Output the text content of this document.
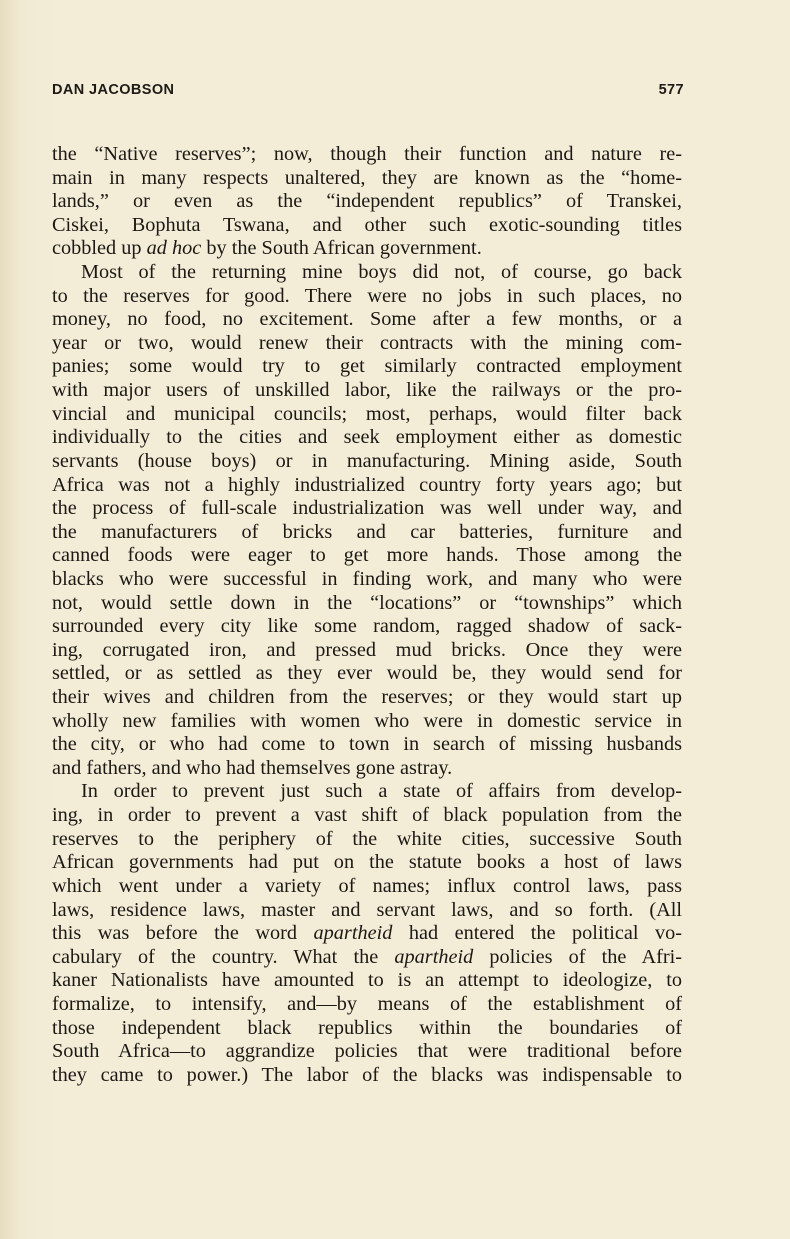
DAN JACOBSON	577
the “Native reserves”; now, though their function and nature re-
main in many respects unaltered, they are known as the “home-
lands,” or even as the “independent republics” of Transkei,
Ciskei, Bophuta Tswana, and other such exotic-sounding titles
cobbled up ad hoc by the South African government.
Most of the returning mine boys did not, of course, go back
to the reserves for good. There were no jobs in such places, no
money, no food, no excitement. Some after a few months, or a
year or two, would renew their contracts with the mining com-
panies; some would try to get similarly contracted employment
with major users of unskilled labor, like the railways or the pro-
vincial and municipal councils; most, perhaps, would filter back
individually to the cities and seek employment either as domestic
servants (house boys) or in manufacturing. Mining aside, South
Africa was not a highly industrialized country forty years ago; but
the process of full-scale industrialization was well under way, and
the manufacturers of bricks and car batteries, furniture and
canned foods were eager to get more hands. Those among the
blacks who were successful in finding work, and many who were
not, would settle down in the “locations” or “townships” which
surrounded every city like some random, ragged shadow of sack-
ing, corrugated iron, and pressed mud bricks. Once they were
settled, or as settled as they ever would be, they would send for
their wives and children from the reserves; or they would start up
wholly new families with women who were in domestic service in
the city, or who had come to town in search of missing husbands
and fathers, and who had themselves gone astray.
In order to prevent just such a state of affairs from develop-
ing, in order to prevent a vast shift of black population from the
reserves to the periphery of the white cities, successive South
African governments had put on the statute books a host of laws
which went under a variety of names; influx control laws, pass
laws, residence laws, master and servant laws, and so forth. (All
this was before the word apartheid had entered the political vo-
cabulary of the country. What the apartheid policies of the Afri-
kaner Nationalists have amounted to is an attempt to ideologize, to
formalize, to intensify, and—by means of the establishment of
those independent black republics within the boundaries of
South Africa—to aggrandize policies that were traditional before
they came to power.) The labor of the blacks was indispensable to
